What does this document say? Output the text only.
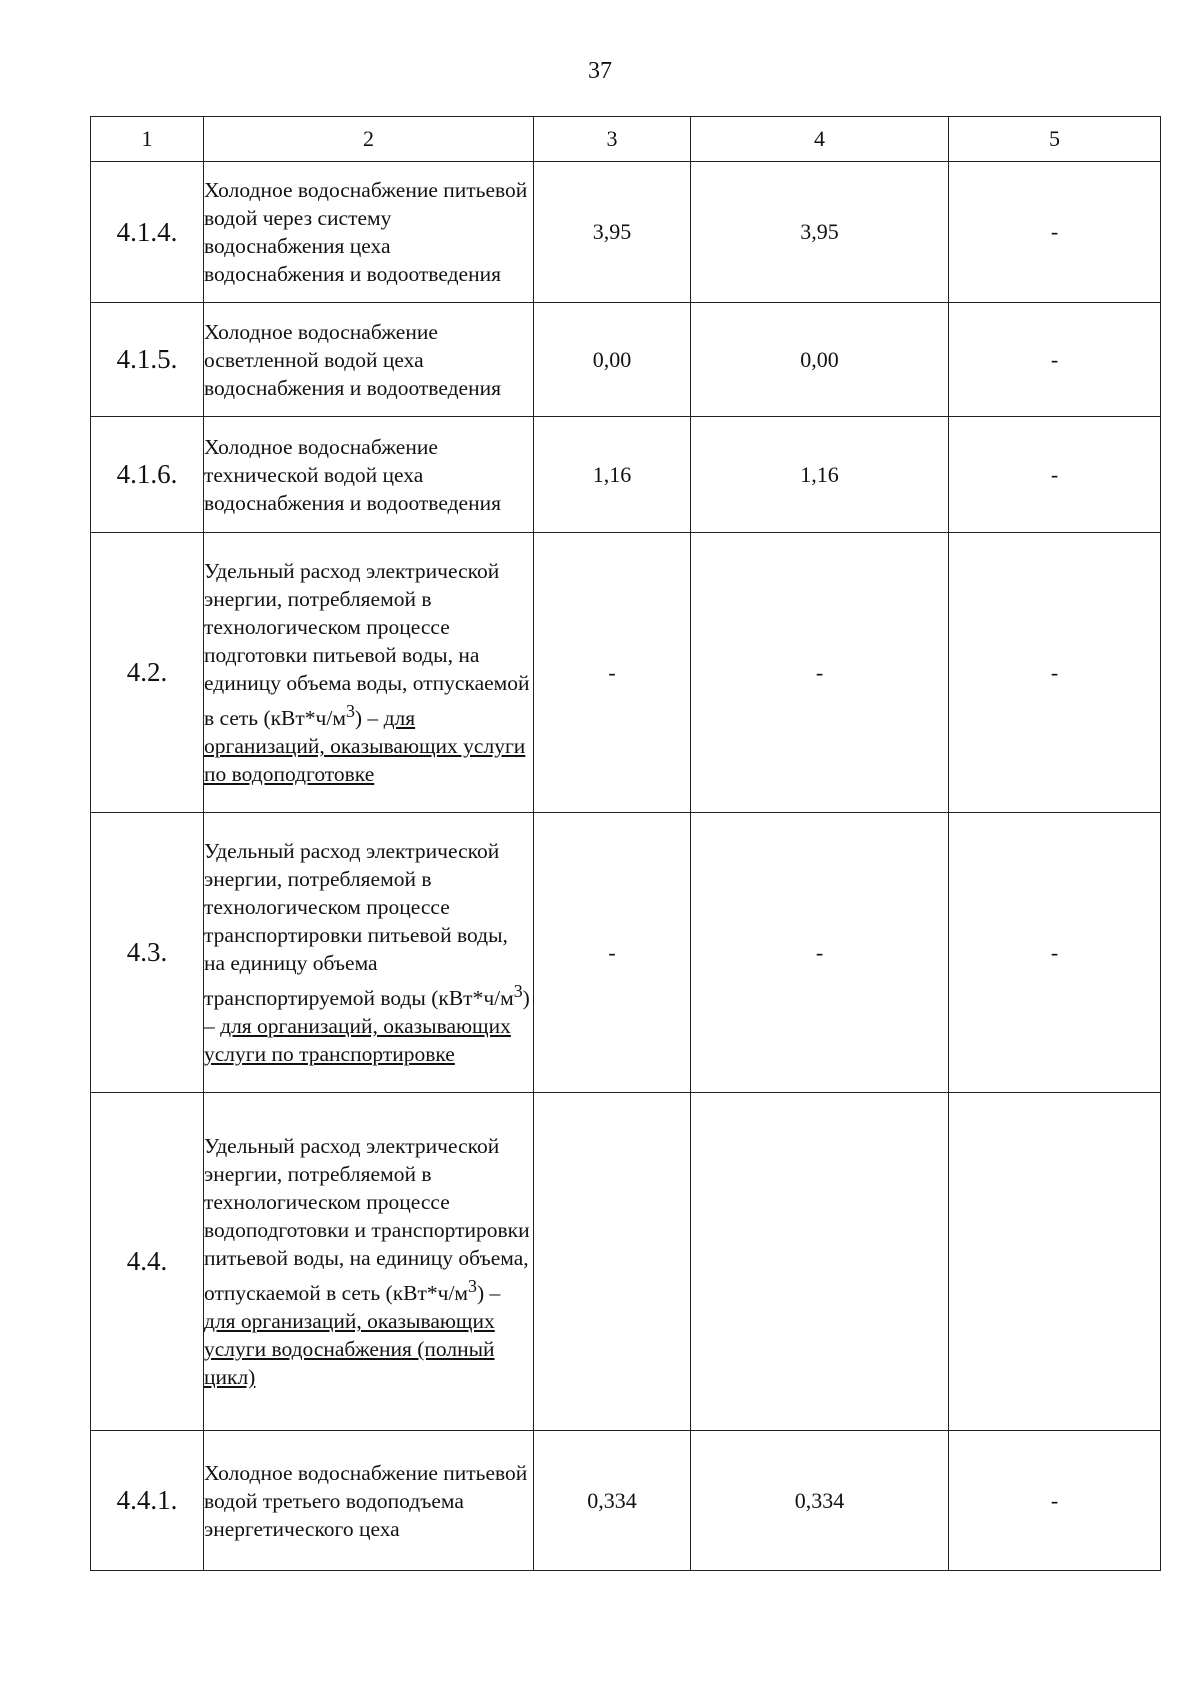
37
1	2	3	4	5
4.1.4.	Холодное водоснабжение питьевой водой через систему водоснабжения цеха водоснабжения и водоотведения	3,95	3,95	-
4.1.5.	Холодное водоснабжение осветленной водой цеха водоснабжения и водоотведения	0,00	0,00	-
4.1.6.	Холодное водоснабжение технической водой цеха водоснабжения и водоотведения	1,16	1,16	-
4.2.	Удельный расход электрической энергии, потребляемой в технологическом процессе подготовки питьевой воды, на единицу объема воды, отпускаемой в сеть $(кВт*ч/м^3)$ – для организаций, оказывающих услуги по водоподготовке	-	-	-
4.3.	Удельный расход электрической энергии, потребляемой в технологическом процессе транспортировки питьевой воды, на единицу объема транспортируемой воды $(кВт*ч/м^3)$ – для организаций, оказывающих услуги по транспортировке	-	-	-
4.4.	Удельный расход электрической энергии, потребляемой в технологическом процессе водоподготовки и транспортировки питьевой воды, на единицу объема, отпускаемой в сеть $(кВт*ч/м^3)$ – для организаций, оказывающих услуги водоснабжения (полный цикл)			
4.4.1.	Холодное водоснабжение питьевой водой третьего водоподъема энергетического цеха	0,334	0,334	-
